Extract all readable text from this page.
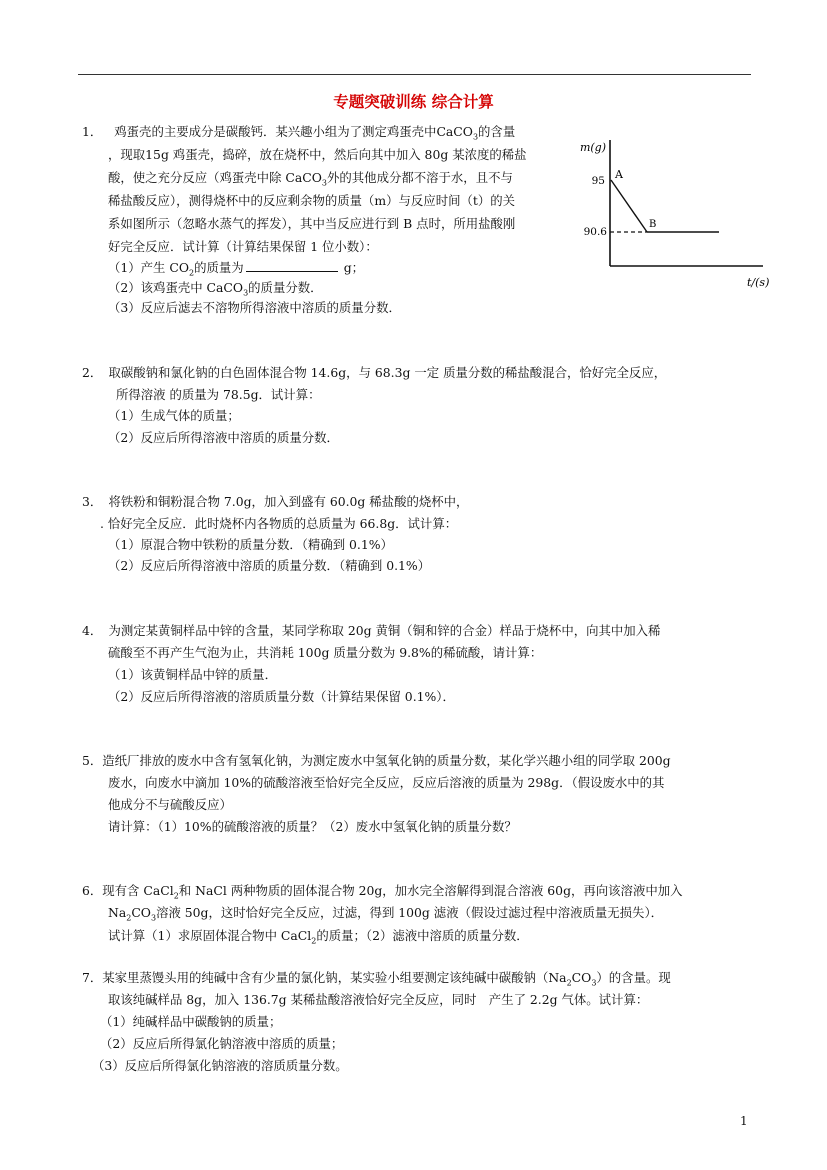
专题突破训练 综合计算
1． 鸡蛋壳的主要成分是碳酸钙．某兴趣小组为了测定鸡蛋壳中CaCO$_3$的含量
，现取15g 鸡蛋壳，捣碎，放在烧杯中，然后向其中加入 80g 某浓度的稀盐
酸，使之充分反应（鸡蛋壳中除 CaCO$_3$外的其他成分都不溶于水，且不与
稀盐酸反应），测得烧杯中的反应剩余物的质量（m）与反应时间（t）的关
系如图所示（忽略水蒸气的挥发），其中当反应进行到 B 点时，所用盐酸刚
好完全反应．试计算（计算结果保留 1 位小数）：
（1）产生 $CO_2$的质量为	g；
（2）该鸡蛋壳中 CaCO$_3$的质量分数．
（3）反应后滤去不溶物所得溶液中溶质的质量分数．
m(g)
t/(s)
95
90.6
A
B
2．　取碳酸钠和氯化钠的白色固体混合物 14.6g，与 68.3g 一定 质量分数的稀盐酸混合，恰好完全反应，
所得溶液 的质量为 78.5g．试计算：
（1）生成气体的质量；
（2）反应后所得溶液中溶质的质量分数．
3．　将铁粉和铜粉混合物 7.0g，加入到盛有 60.0g 稀盐酸的烧杯中，
. 恰好完全反应．此时烧杯内各物质的总质量为 66.8g．试计算：
（1）原混合物中铁粉的质量分数．（精确到 0.1%）
（2）反应后所得溶液中溶质的质量分数．（精确到 0.1%）
4．　为测定某黄铜样品中锌的含量，某同学称取 20g 黄铜（铜和锌的合金）样品于烧杯中，向其中加入稀
硫酸至不再产生气泡为止，共消耗 100g 质量分数为 9.8%的稀硫酸，请计算：
（1）该黄铜样品中锌的质量．
（2）反应后所得溶液的溶质质量分数（计算结果保留 0.1%）．
5．造纸厂排放的废水中含有氢氧化钠，为测定废水中氢氧化钠的质量分数，某化学兴趣小组的同学取 200g
废水，向废水中滴加 10%的硫酸溶液至恰好完全反应，反应后溶液的质量为 298g．（假设废水中的其
他成分不与硫酸反应）
请计算：（1）10%的硫酸溶液的质量？（2）废水中氢氧化钠的质量分数？
6．现有含 CaCl$_2$和 NaCl 两种物质的固体混合物 20g，加水完全溶解得到混合溶液 60g，再向该溶液中加入
$Na_2CO_3$溶液 50g，这时恰好完全反应，过滤，得到 100g 滤液（假设过滤过程中溶液质量无损失）．
试计算（1）求原固体混合物中 CaCl$_2$的质量；（2）滤液中溶质的质量分数．
7．某家里蒸馒头用的纯碱中含有少量的氯化钠，某实验小组要测定该纯碱中碳酸钠$(Na_2CO_3)$的含量。现
取该纯碱样品 8g，加入 136.7g 某稀盐酸溶液恰好完全反应，同时　产生了 2.2g 气体。试计算：
（1）纯碱样品中碳酸钠的质量；
（2）反应后所得氯化钠溶液中溶质的质量；
（3）反应后所得氯化钠溶液的溶质质量分数。
1
